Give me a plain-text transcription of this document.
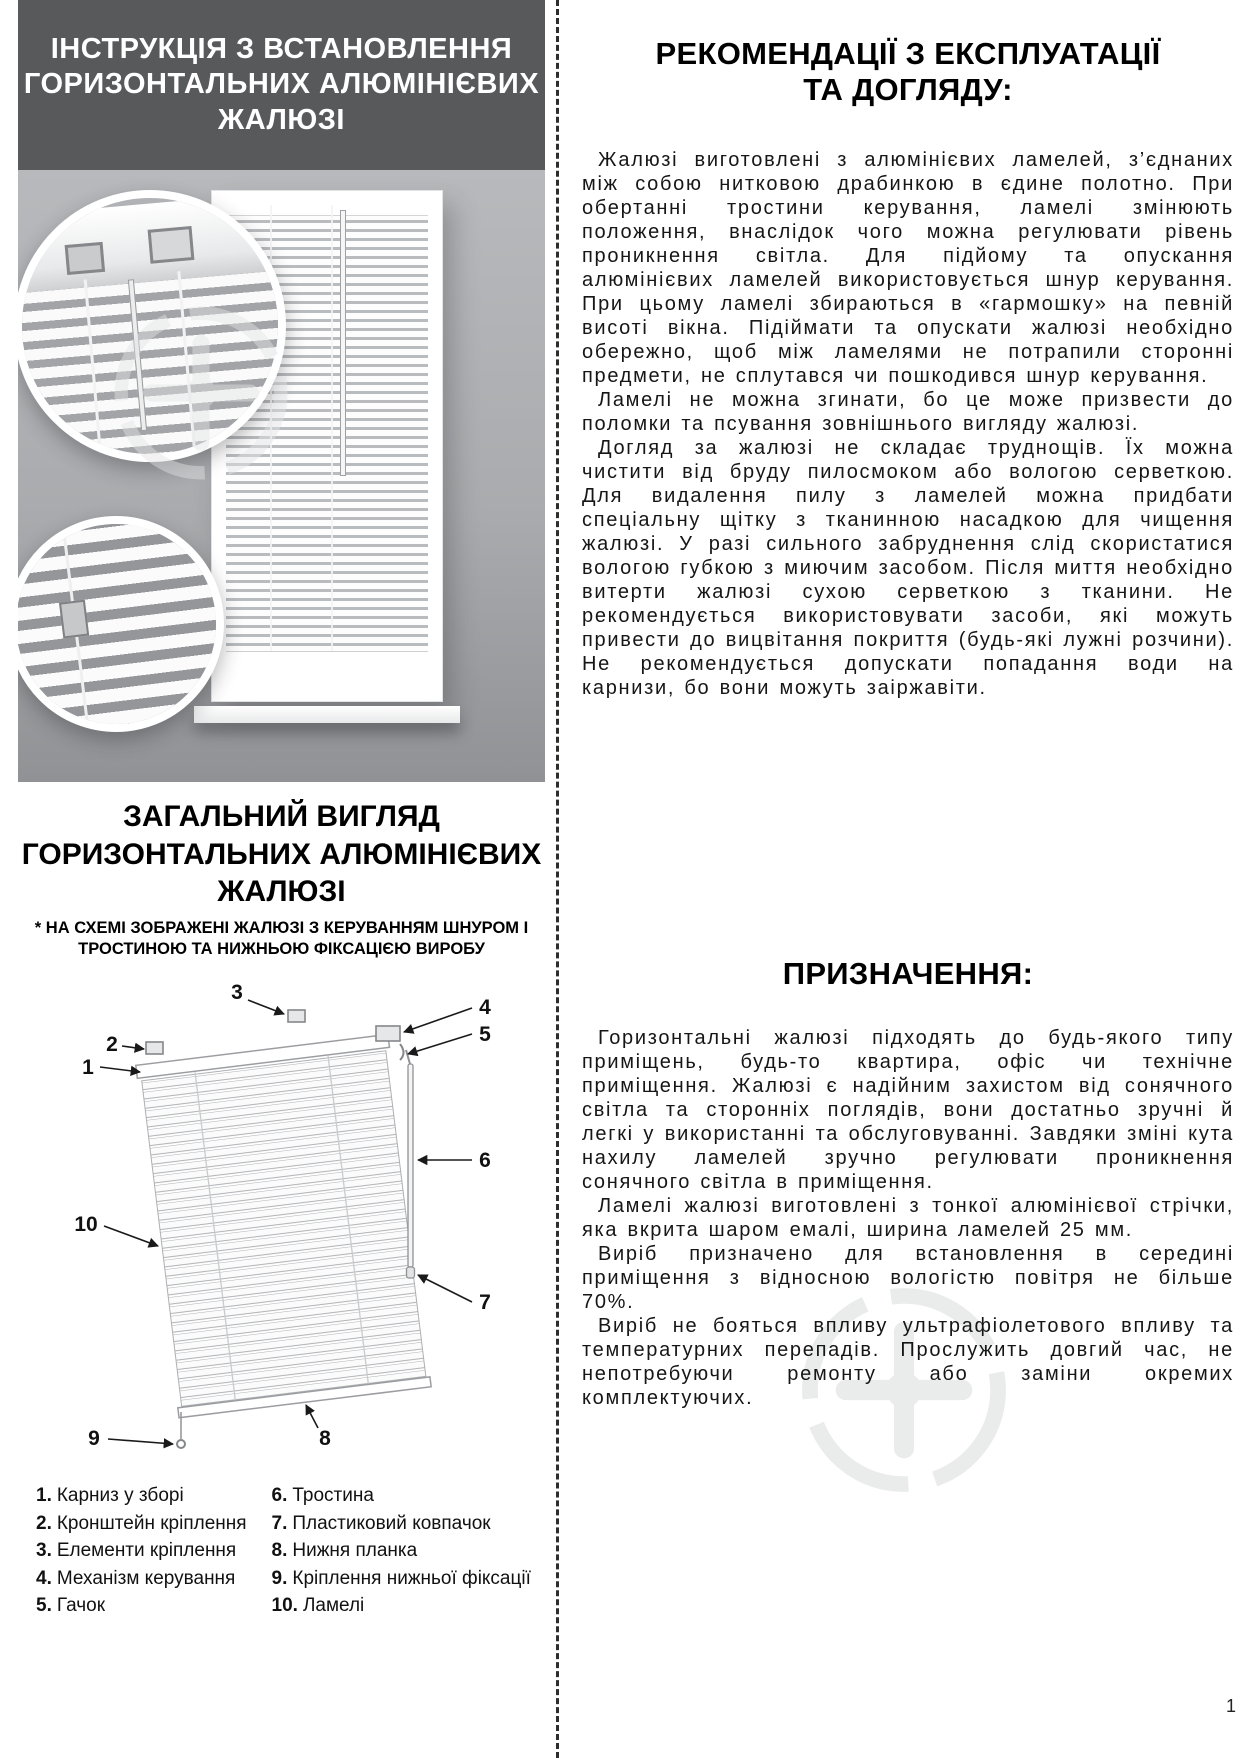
ІНСТРУКЦІЯ З ВСТАНОВЛЕННЯ
ГОРИЗОНТАЛЬНИХ АЛЮМІНІЄВИХ
ЖАЛЮЗІ
ЗАГАЛЬНИЙ ВИГЛЯД
ГОРИЗОНТАЛЬНИХ АЛЮМІНІЄВИХ
ЖАЛЮЗІ
* НА СХЕМІ ЗОБРАЖЕНІ ЖАЛЮЗІ З КЕРУВАННЯМ ШНУРОМ І
ТРОСТИНОЮ ТА НИЖНЬОЮ ФІКСАЦІЄЮ ВИРОБУ
1
2
3
4
5
6
7
8
9
10
1. Карниз у зборі
2. Кронштейн кріплення
3. Елементи кріплення
4. Механізм керування
5. Гачок
6. Тростина
7. Пластиковий ковпачок
8. Нижня планка
9. Кріплення нижньої фіксації
10. Ламелі
РЕКОМЕНДАЦІЇ З ЕКСПЛУАТАЦІЇ
ТА ДОГЛЯДУ:

Жалюзі виготовлені з алюмінієвих ламелей, з’єднаних між собою нитковою драбинкою в єдине полотно. При обертанні тростини керування, ламелі змінюють положення, внаслідок чого можна регулювати рівень проникнення світла. Для підйому та опускання алюмінієвих ламелей використовується шнур керування. При цьому ламелі збираються в «гармошку» на певній висоті вікна. Підіймати та опускати жалюзі необхідно обережно, щоб між ламелями не потрапили сторонні предмети, не сплутався чи пошкодився шнур керування.

Ламелі не можна згинати, бо це може призвести до поломки та псування зовнішнього вигляду жалюзі.

Догляд за жалюзі не складає труднощів. Їх можна чистити від бруду пилосмоком або вологою серветкою. Для видалення пилу з ламелей можна придбати спеціальну щітку з тканинною насадкою для чищення жалюзі. У разі сильного забруднення слід скористатися вологою губкою з миючим засобом. Після миття необхідно витерти жалюзі сухою серветкою з тканини. Не рекомендується використовувати засоби, які можуть привести до вицвітання покриття (будь-які лужні розчини). Не рекомендується допускати попадання води на карнизи, бо вони можуть заіржавіти.

ПРИЗНАЧЕННЯ:

Горизонтальні жалюзі підходять до будь-якого типу приміщень, будь-то квартира, офіс чи технічне приміщення. Жалюзі є надійним захистом від сонячного світла та сторонніх поглядів, вони достатньо зручні й легкі у використанні та обслуговуванні. Завдяки зміні кута нахилу ламелей зручно регулювати проникнення сонячного світла в приміщення.

Ламелі жалюзі виготовлені з тонкої алюмінієвої стрічки, яка вкрита шаром емалі, ширина ламелей 25 мм.

Виріб призначено для встановлення в середині приміщення з відносною вологістю повітря не більше 70%.

Виріб не бояться впливу ультрафіолетового впливу та температурних перепадів. Прослужить довгий час, не непотребуючи ремонту або заміни окремих комплектуючих.

1
